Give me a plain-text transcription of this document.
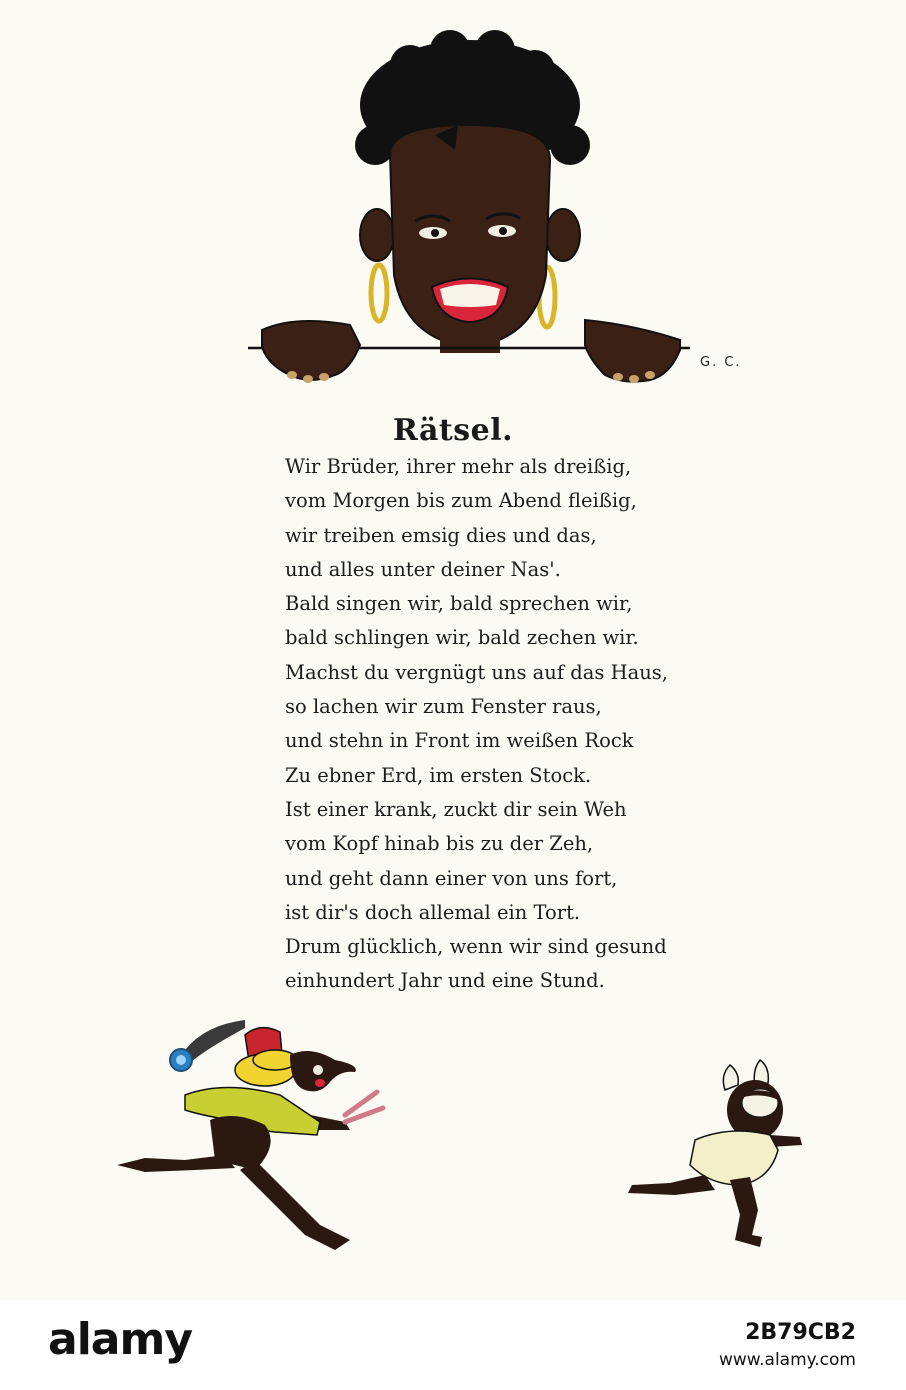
G. C.
Rätsel.
Wir Brüder, ihrer mehr als dreißig,
vom Morgen bis zum Abend fleißig,
wir treiben emsig dies und das,
und alles unter deiner Nas'.
Bald singen wir, bald sprechen wir,
bald schlingen wir, bald zechen wir.
Machst du vergnügt uns auf das Haus,
so lachen wir zum Fenster raus,
und stehn in Front im weißen Rock
Zu ebner Erd, im ersten Stock.
Ist einer krank, zuckt dir sein Weh
vom Kopf hinab bis zu der Zeh,
und geht dann einer von uns fort,
ist dir's doch allemal ein Tort.
Drum glücklich, wenn wir sind gesund
einhundert Jahr und eine Stund.
alamy	2B79CB2
www.alamy.com
